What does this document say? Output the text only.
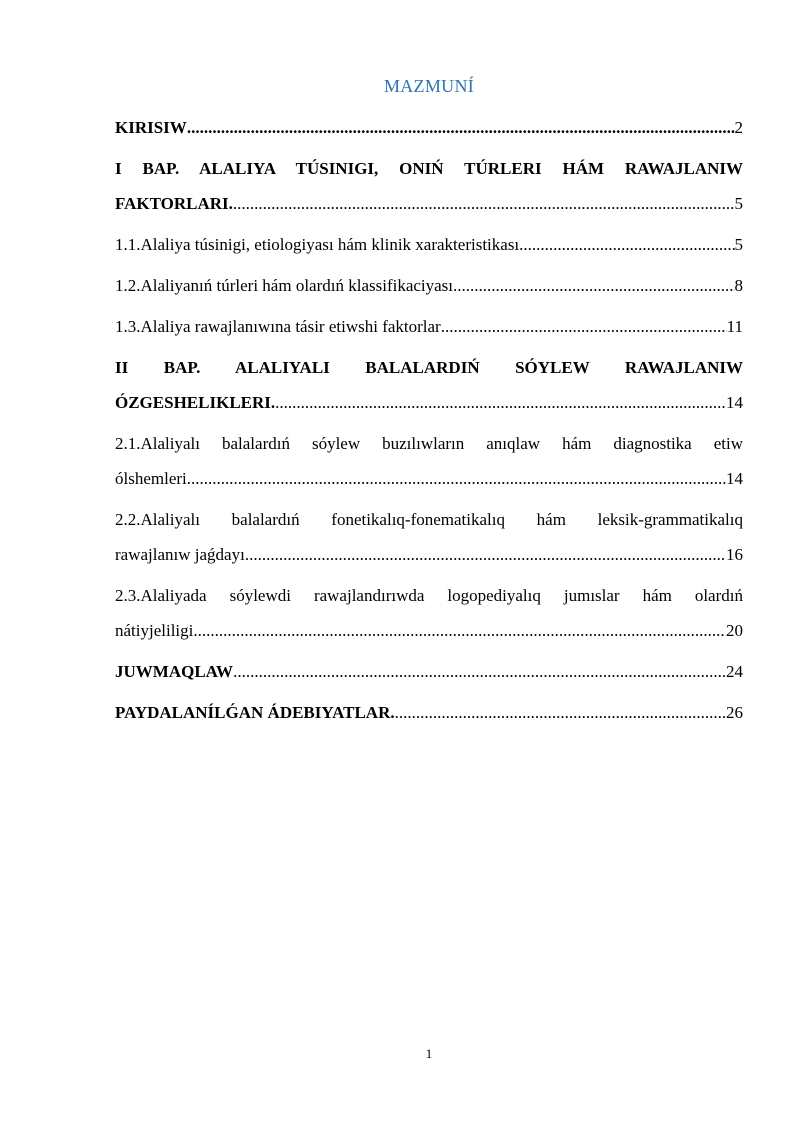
MAZMUNÍ
KIRISIW .....	2
I BAP. ALALIYA TÚSINIGI, ONIŃ TÚRLERI HÁM RAWAJLANIW
FAKTORLARI. .....	5
1.1.Alaliya túsinigi, etiologiyası hám klinik xarakteristikası .....	5
1.2.Alaliyanıń túrleri hám olardıń klassifikaciyası .....	8
1.3.Alaliya rawajlanıwına tásir etiwshi faktorlar .....	11
II BAP. ALALIYALI BALALARDIŃ SÓYLEW RAWAJLANIW
ÓZGESHELIKLERI. .....	14
2.1.Alaliyalı balalardıń sóylew buzılıwların anıqlaw hám diagnostika etiw
ólshemleri .....	14
2.2.Alaliyalı balalardıń fonetikalıq-fonematikalıq hám leksik-grammatikalıq
rawajlanıw jaǵdayı .....	16
2.3.Alaliyada sóylewdi rawajlandırıwda logopediyalıq jumıslar hám olardıń
nátiyjeliligi .....	20
JUWMAQLAW .....	24
PAYDALANÍLǴAN ÁDEBIYATLAR. .....	26
1
